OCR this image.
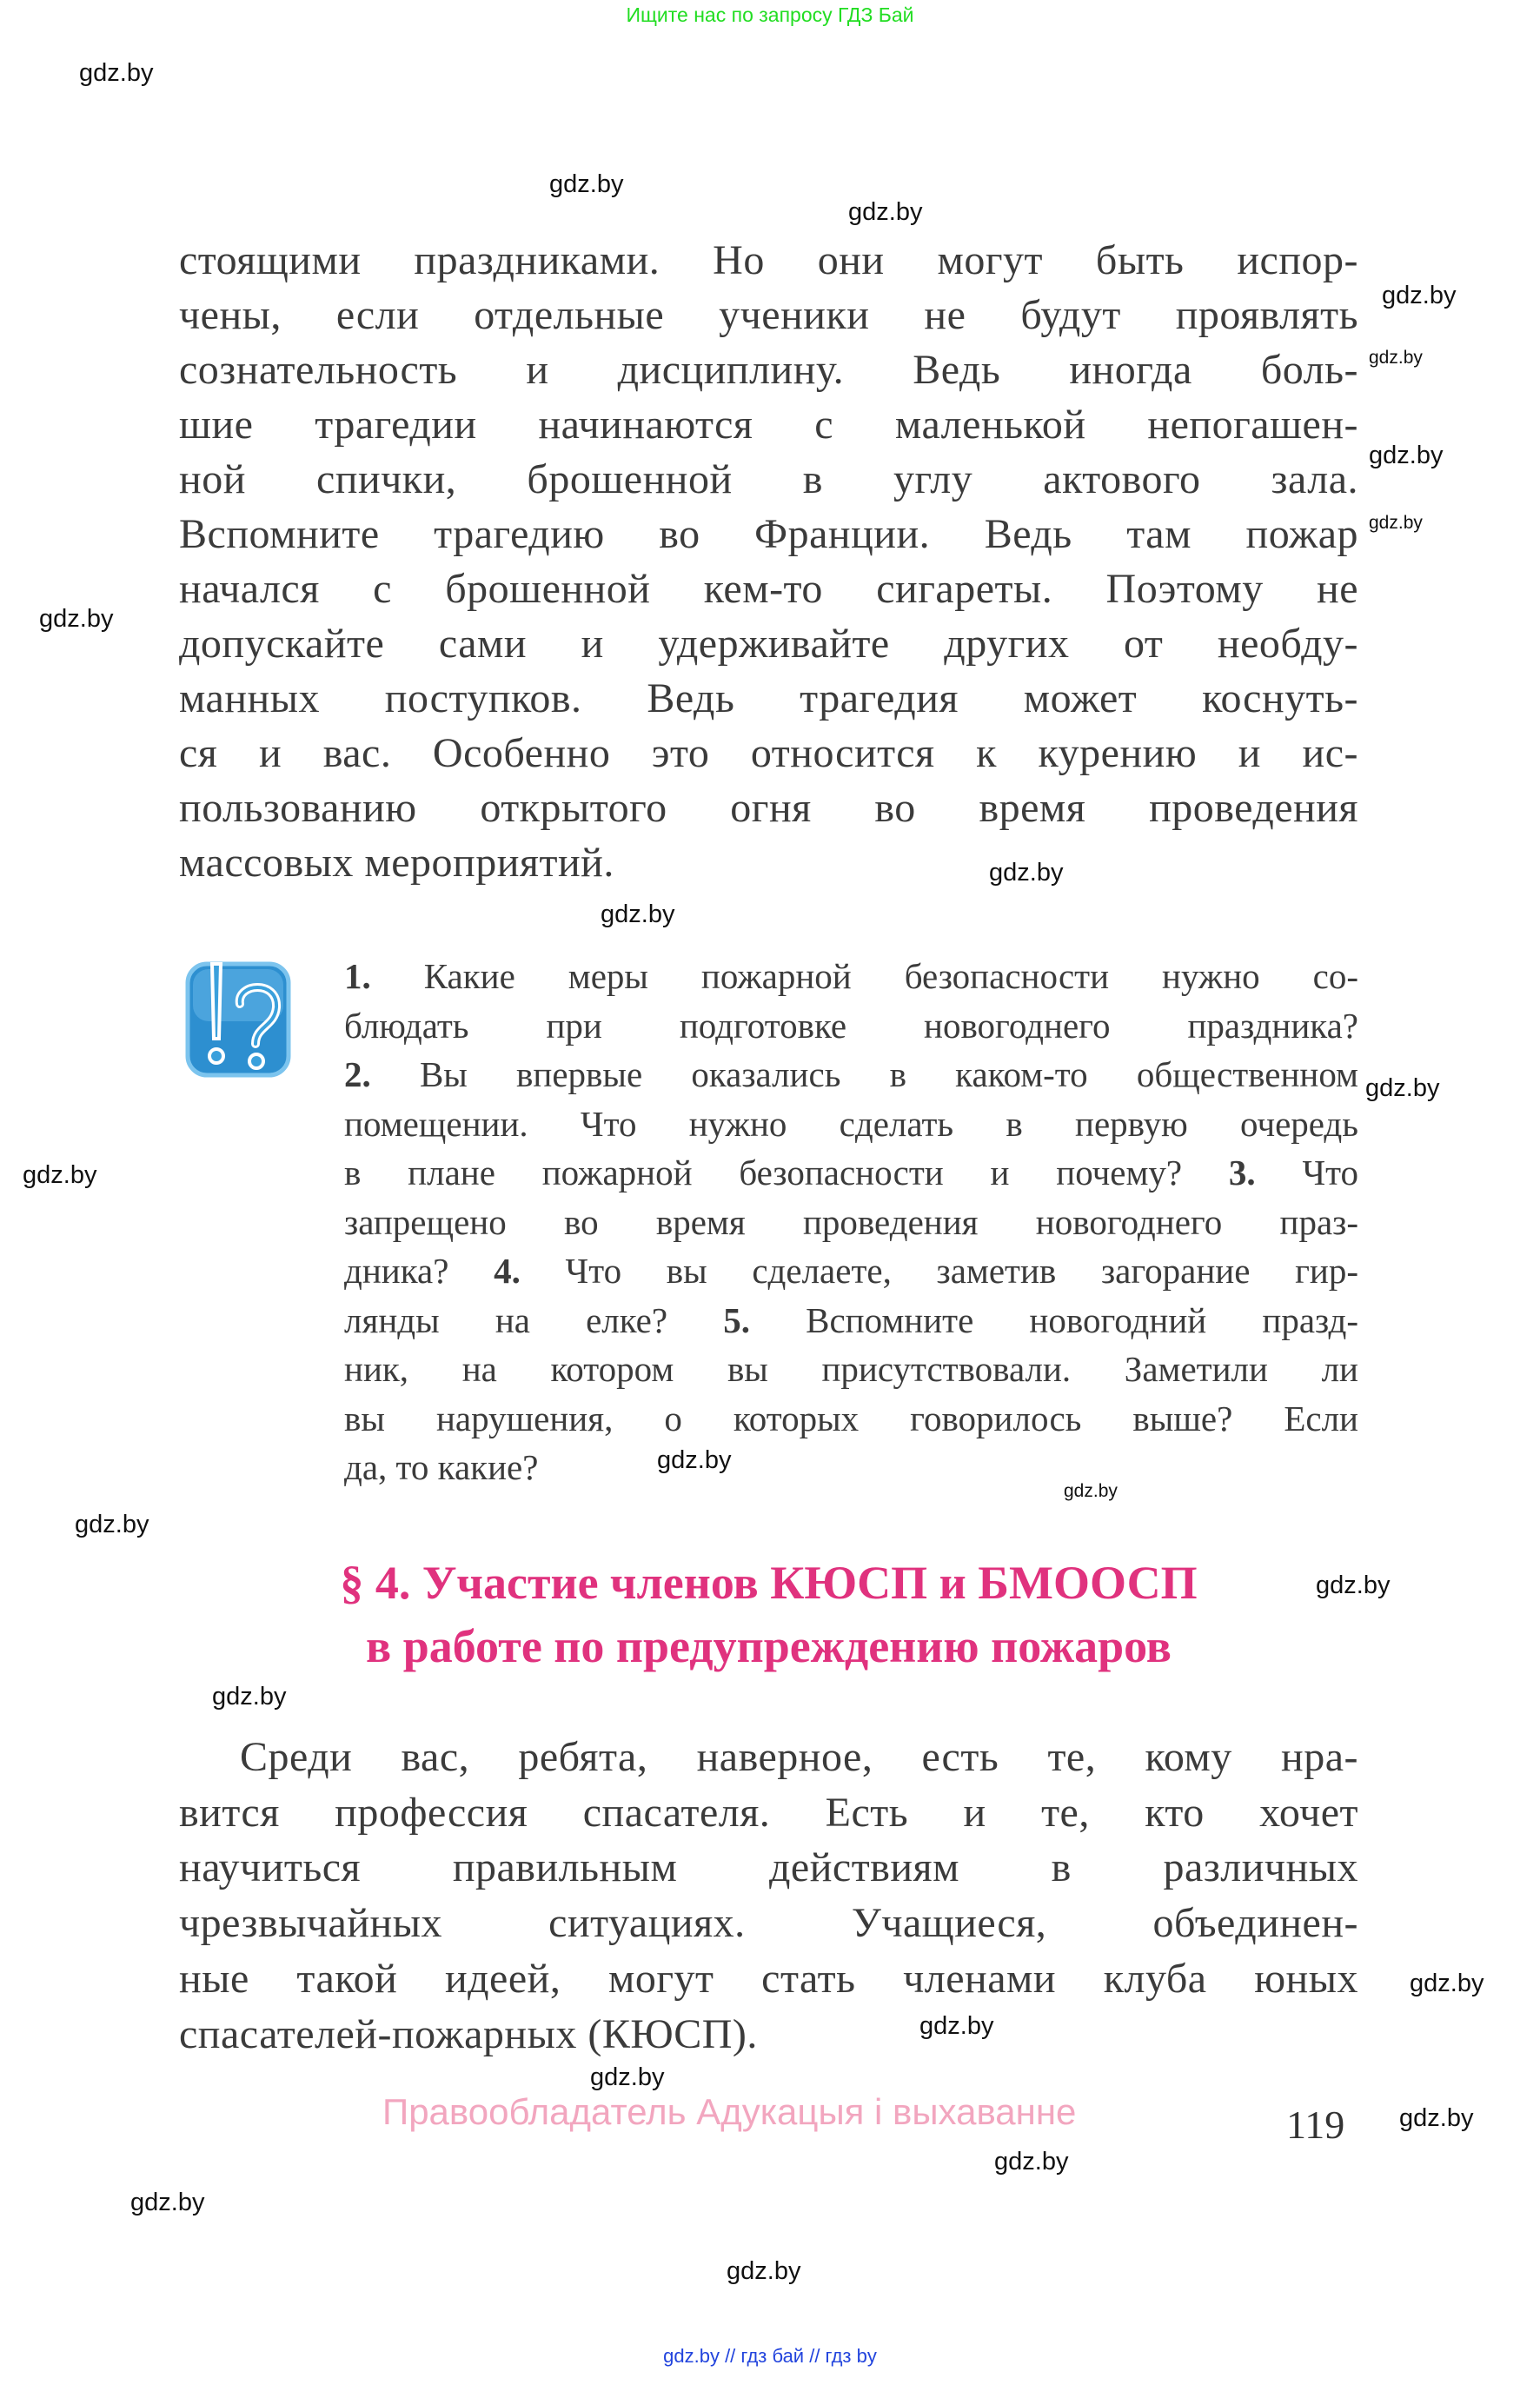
Ищите нас по запросу ГДЗ Бай
gdz.by
gdz.by
gdz.by
gdz.by
gdz.by
gdz.by
gdz.by
gdz.by
gdz.by
gdz.by
gdz.by
gdz.by
gdz.by
gdz.by
gdz.by
gdz.by
gdz.by
gdz.by
gdz.by
gdz.by
gdz.by
gdz.by
gdz.by
gdz.by
стоящими праздниками. Но они могут быть испор-
чены, если отдельные ученики не будут проявлять
сознательность и дисциплину. Ведь иногда боль-
шие трагедии начинаются с маленькой непогашен-
ной спички, брошенной в углу актового зала.
Вспомните трагедию во Франции. Ведь там пожар
начался с брошенной кем-то сигареты. Поэтому не
допускайте сами и удерживайте других от необду-
манных поступков. Ведь трагедия может коснуть-
ся и вас. Особенно это относится к курению и ис-
пользованию открытого огня во время проведения
массовых мероприятий.
1. Какие меры пожарной безопасности нужно со-
блюдать при подготовке новогоднего праздника?
2. Вы впервые оказались в каком-то общественном
помещении. Что нужно сделать в первую очередь
в плане пожарной безопасности и почему? 3. Что
запрещено во время проведения новогоднего праз-
дника? 4. Что вы сделаете, заметив загорание гир-
лянды на елке? 5. Вспомните новогодний празд-
ник, на котором вы присутствовали. Заметили ли
вы нарушения, о которых говорилось выше? Если
да, то какие?
§ 4. Участие членов КЮСП и БМООСП
в работе по предупреждению пожаров
Среди вас, ребята, наверное, есть те, кому нра-
вится профессия спасателя. Есть и те, кто хочет
научиться правильным действиям в различных
чрезвычайных ситуациях. Учащиеся, объединен-
ные такой идеей, могут стать членами клуба юных
спасателей-пожарных (КЮСП).
Правообладатель Адукацыя і выхаванне	119
gdz.by // гдз бай // гдз by
